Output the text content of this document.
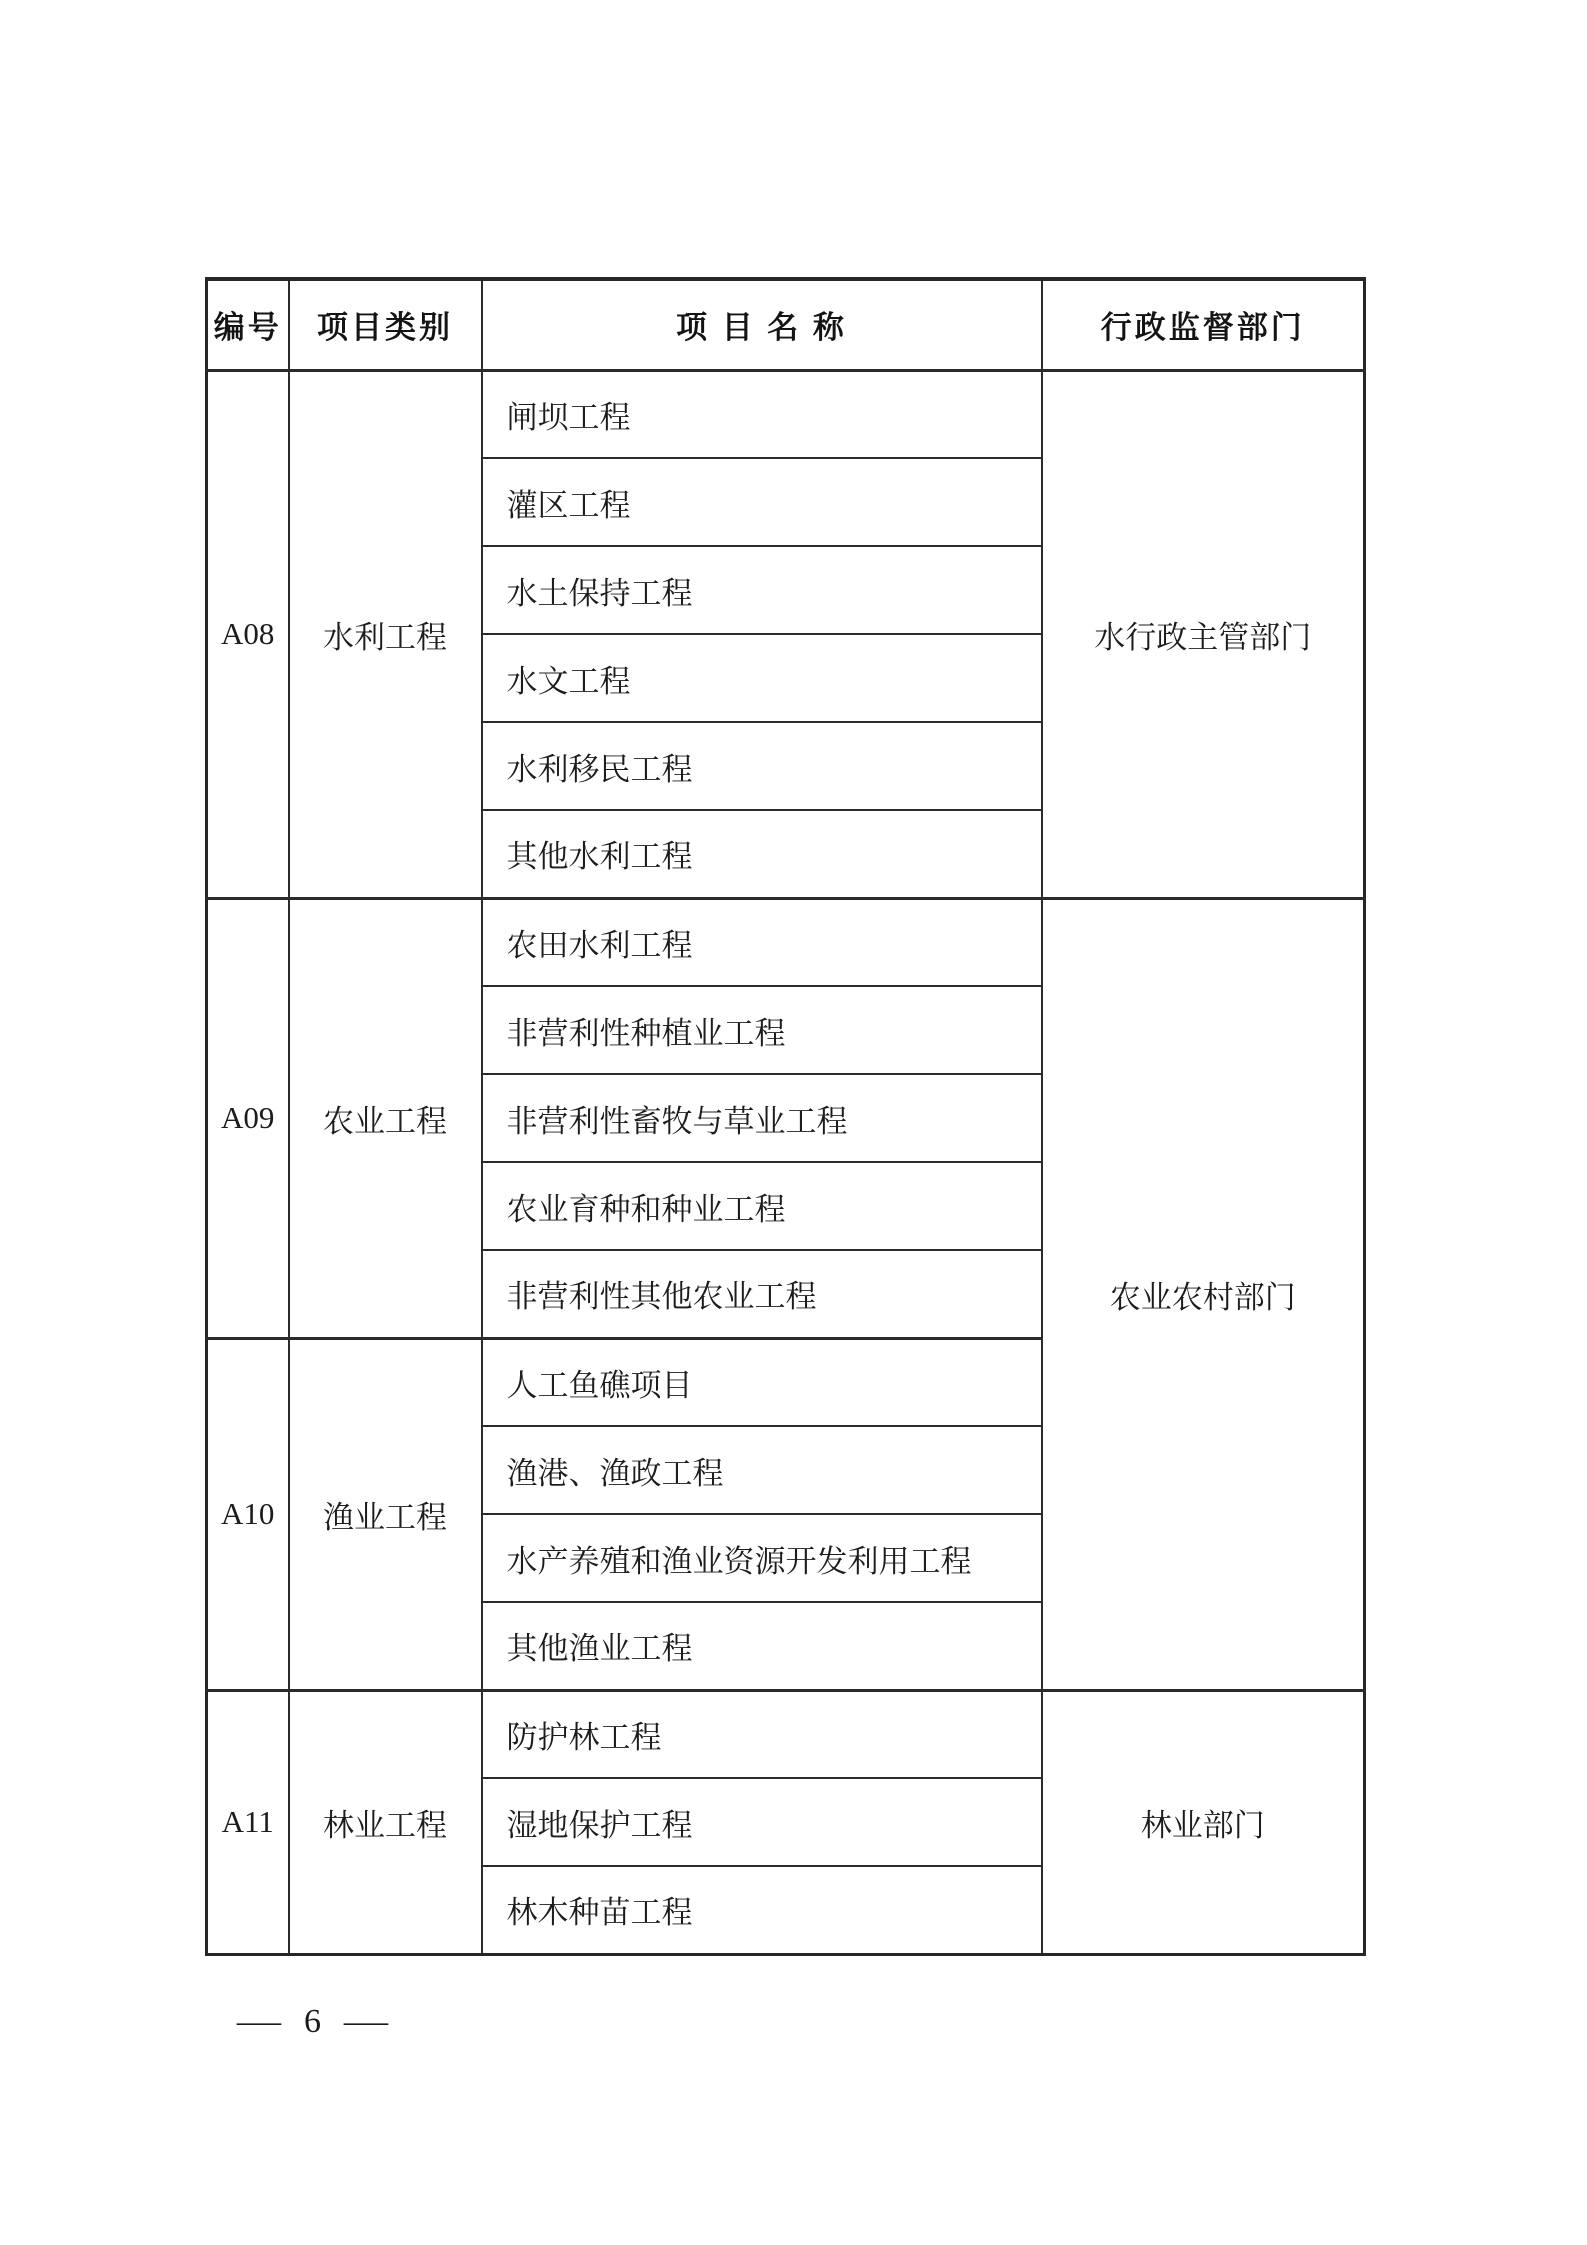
编号	项目类别	项 目 名 称	行政监督部门
A08	水利工程	闸坝工程	水行政主管部门
		灌区工程	
		水土保持工程	
		水文工程	
		水利移民工程	
		其他水利工程	
A09	农业工程	农田水利工程	农业农村部门
		非营利性种植业工程	
		非营利性畜牧与草业工程	
		农业育种和种业工程	
		非营利性其他农业工程	
A10	渔业工程	人工鱼礁项目	
		渔港、渔政工程	
		水产养殖和渔业资源开发利用工程	
		其他渔业工程	
A11	林业工程	防护林工程	林业部门
		湿地保护工程	
		林木种苗工程	
— 6 —
